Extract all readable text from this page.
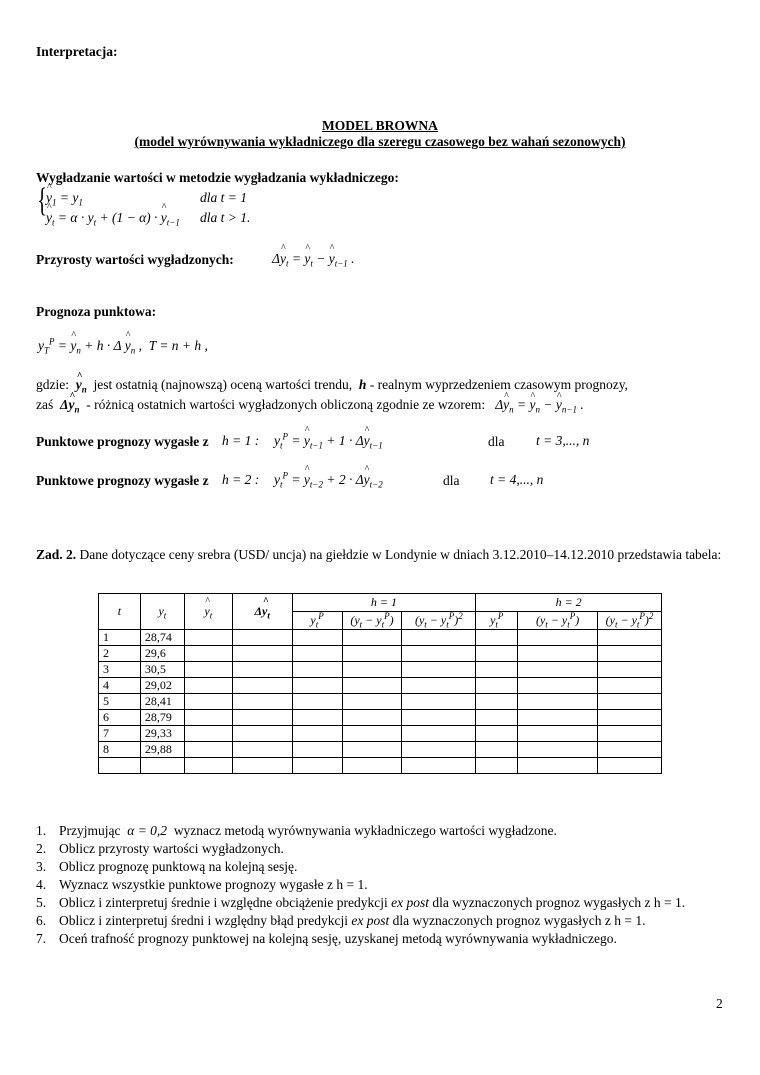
Interpretacja:
MODEL BROWNA
(model wyrównywania wykładniczego dla szeregu czasowego bez wahań sezonowych)
Wygładzanie wartości w metodzie wygładzania wykładniczego:
{
^ $y_1 = y_1$	dla t = 1
^ $y_t = \alpha \cdot y_t + (1 - \alpha)$ · ^ $y_{t-1}$ dla t > 1.
Przyrosty wartości wygładzonych:	Δ^ $y_t$ = ^ $y_t$ − ^ $y_{t-1}$ .
Prognoza punktowa:
$y_T^P$ = ^ $y_n + h \cdot \Delta$ ^ $y_n$ ,  T = n + h ,
gdzie: ^ $y_n$ jest ostatnią (najnowszą) oceną wartości trendu, h - realnym wyprzedzeniem czasowym prognozy,
zaś Δ^ $y_n$ - różnicą ostatnich wartości wygładzonych obliczoną zgodnie ze wzorem: Δ^ $y_n$ = ^ $y_n$ − ^ $y_{n-1}$ .
Punktowe prognozy wygasłe z h = 1 : $y_t^P$ = ^ $y_{t-1} + 1$ · Δ^ $y_{t-1}$	dla t = 3,..., n
Punktowe prognozy wygasłe z h = 2 : $y_t^P$ = ^ $y_{t-2} + 2$ · Δ^ $y_{t-2}$	dla t = 4,..., n
Zad. 2. Dane dotyczące ceny srebra (USD/ uncja) na giełdzie w Londynie w dniach 3.12.2010–14.12.2010 przedstawia tabela:
t	$y_t$	^ $y_t$	Δ^ $y_t$	h = 1			h = 2		
				$y_t^P$	$(y_t - y_t^P)$	$(y_t - y_t^P)^2$	$y_t^P$	$(y_t - y_t^P)$	$(y_t - y_t^P)^2$
1	28,74								
2	29,6								
3	30,5								
4	29,02								
5	28,41								
6	28,79								
7	29,33								
8	29,88								

1. Przyjmując α = 0,2 wyznacz metodą wyrównywania wykładniczego wartości wygładzone.
2. Oblicz przyrosty wartości wygładzonych.
3. Oblicz prognozę punktową na kolejną sesję.
4. Wyznacz wszystkie punktowe prognozy wygasłe z h = 1.
5. Oblicz i zinterpretuj średnie i względne obciążenie predykcji ex post dla wyznaczonych prognoz wygasłych z h = 1.
6. Oblicz i zinterpretuj średni i względny błąd predykcji ex post dla wyznaczonych prognoz wygasłych z h = 1.
7. Oceń trafność prognozy punktowej na kolejną sesję, uzyskanej metodą wyrównywania wykładniczego.
2
